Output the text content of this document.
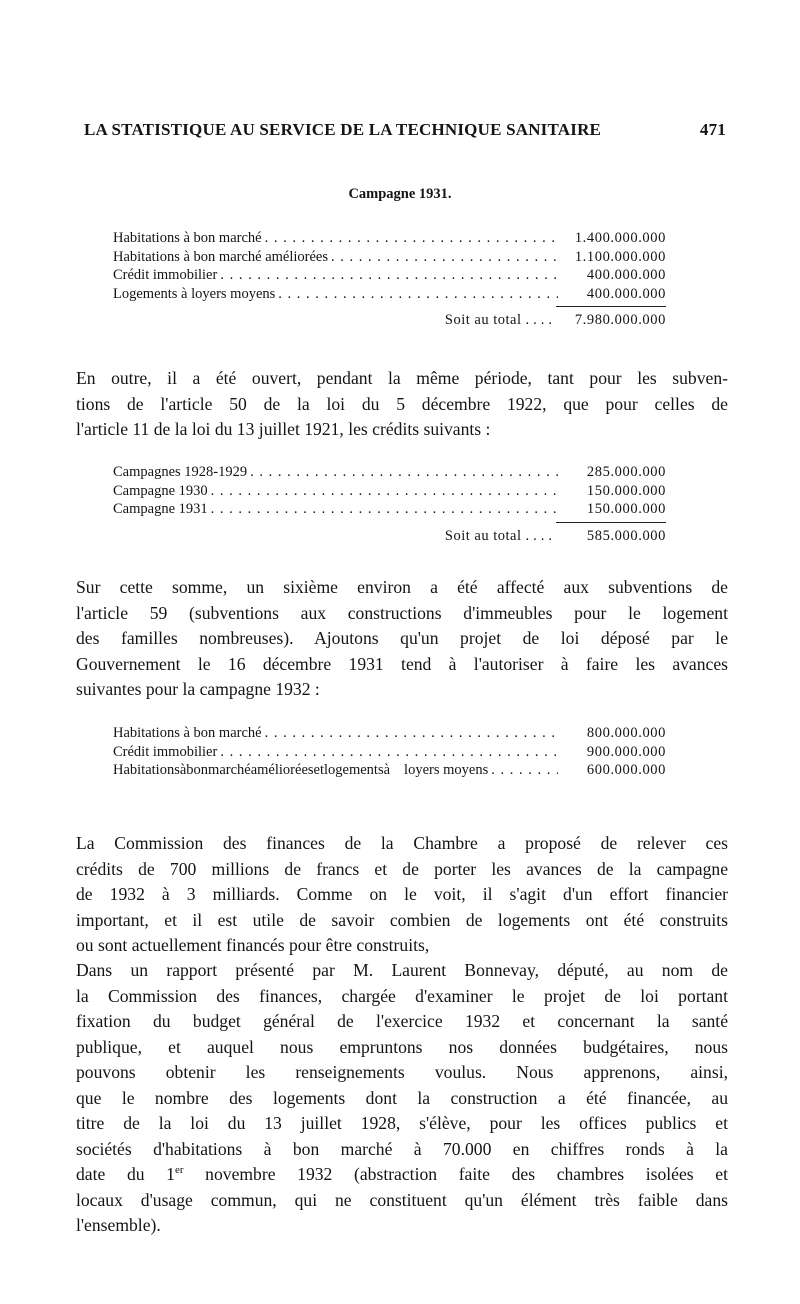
LA STATISTIQUE AU SERVICE DE LA TECHNIQUE SANITAIRE	471
Campagne 1931.
Habitations à bon marché . . .	1.400.000.000
Habitations à bon marché améliorées . . .	1.100.000.000
Crédit immobilier . . .	400.000.000
Logements à loyers moyens . . .	400.000.000
Soit au total ....	7.980.000.000
En outre, il a été ouvert, pendant la même période, tant pour les subven-
tions de l'article 50 de la loi du 5 décembre 1922, que pour celles de
l'article 11 de la loi du 13 juillet 1921, les crédits suivants :
Campagnes 1928-1929 . . .	285.000.000
Campagne 1930 . . .	150.000.000
Campagne 1931 . . .	150.000.000
Soit au total ....	585.000.000
Sur cette somme, un sixième environ a été affecté aux subventions de
l'article 59 (subventions aux constructions d'immeubles pour le logement
des familles nombreuses). Ajoutons qu'un projet de loi déposé par le
Gouvernement le 16 décembre 1931 tend à l'autoriser à faire les avances
suivantes pour la campagne 1932 :
Habitations à bon marché . . .	800.000.000
Crédit immobilier . . .	900.000.000
Habitations à bon marché améliorées et logements à loyers moyens . . .	600.000.000
La Commission des finances de la Chambre a proposé de relever ces
crédits de 700 millions de francs et de porter les avances de la campagne
de 1932 à 3 milliards. Comme on le voit, il s'agit d'un effort financier
important, et il est utile de savoir combien de logements ont été construits
ou sont actuellement financés pour être construits,
Dans un rapport présenté par M. Laurent Bonnevay, député, au nom de
la Commission des finances, chargée d'examiner le projet de loi portant
fixation du budget général de l'exercice 1932 et concernant la santé
publique, et auquel nous empruntons nos données budgétaires, nous
pouvons obtenir les renseignements voulus. Nous apprenons, ainsi,
que le nombre des logements dont la construction a été financée, au
titre de la loi du 13 juillet 1928, s'élève, pour les offices publics et
sociétés d'habitations à bon marché à 70.000 en chiffres ronds à la
date du 1er novembre 1932 (abstraction faite des chambres isolées et
locaux d'usage commun, qui ne constituent qu'un élément très faible dans
l'ensemble).
